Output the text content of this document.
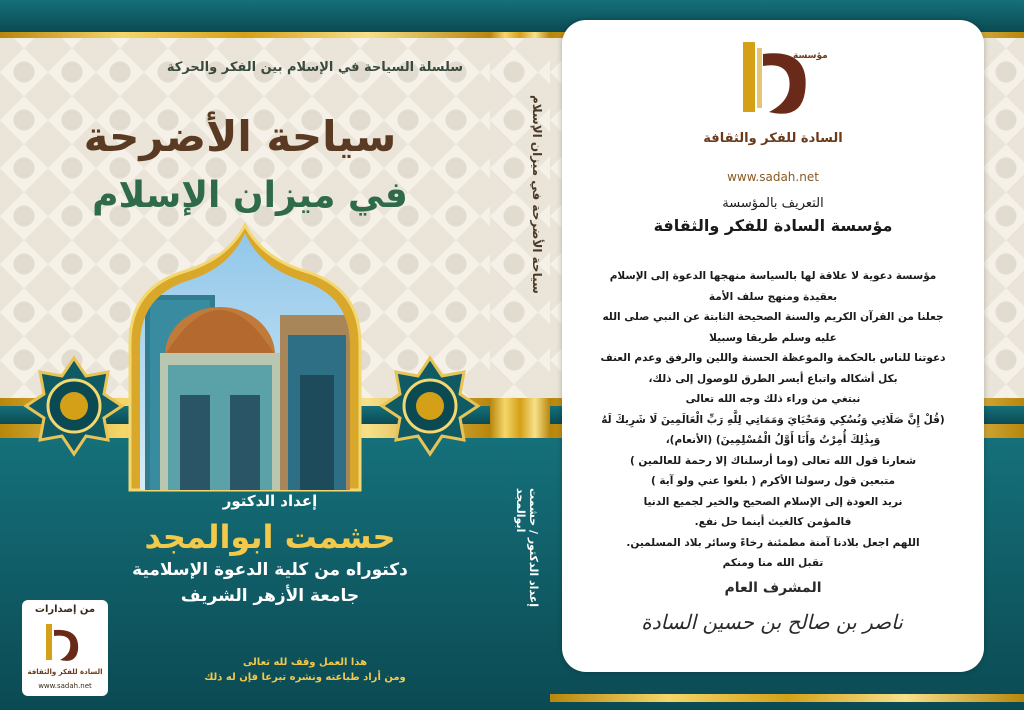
سلسلة السياحة في الإسلام بين الفكر والحركة
سياحة الأضرحة
في ميزان الإسلام
إعداد الدكتور
حشمت ابوالمجد
دكتوراه من كلية الدعوة الإسلامية
جامعة الأزهر الشريف
هذا العمل وقف لله تعالى
ومن أراد طباعته ونشره تبرعا فإن له ذلك
من إصدارات
السادة للفكر والثقافة
www.sadah.net
سياحة الأضرحة في ميزان الإسلام
إعداد الدكتور / حشمت ابوالمجد
مؤسسة
السادة للفكر والثقافة
www.sadah.net
التعريف بالمؤسسة
مؤسسة السادة للفكر والثقافة
مؤسسة دعوية لا علاقة لها بالسياسة منهجها الدعوة إلى الإسلام
بعقيدة ومنهج سلف الأمة
جعلنا من القرآن الكريم والسنة الصحيحة الثابتة عن النبي صلى الله
عليه وسلم طريقا وسبيلا
دعوتنا للناس بالحكمة والموعظة الحسنة واللين والرفق وعدم العنف
بكل أشكاله واتباع أيسر الطرق للوصول إلى ذلك،
نبتغي من وراء ذلك وجه الله تعالى
(قُلْ إِنَّ صَلَاتِي وَنُسُكِي وَمَحْيَايَ وَمَمَاتِي لِلَّهِ رَبِّ الْعَالَمِينَ لَا شَرِيكَ لَهُ
وَبِذَٰلِكَ أُمِرْتُ وَأَنَا أَوَّلُ الْمُسْلِمِينَ) (الأنعام)،
شعارنا قول الله تعالى (وما أرسلناك إلا رحمة للعالمين )
متبعين قول رسولنا الأكرم ( بلغوا عني ولو آية )
نريد العودة إلى الإسلام الصحيح والخير لجميع الدنيا
فالمؤمن كالغيث أينما حل نفع.
اللهم اجعل بلادنا آمنة مطمئنة رخاءً وسائر بلاد المسلمين.
تقبل الله منا ومنكم
المشرف العام
ناصر بن صالح بن حسين السادة
